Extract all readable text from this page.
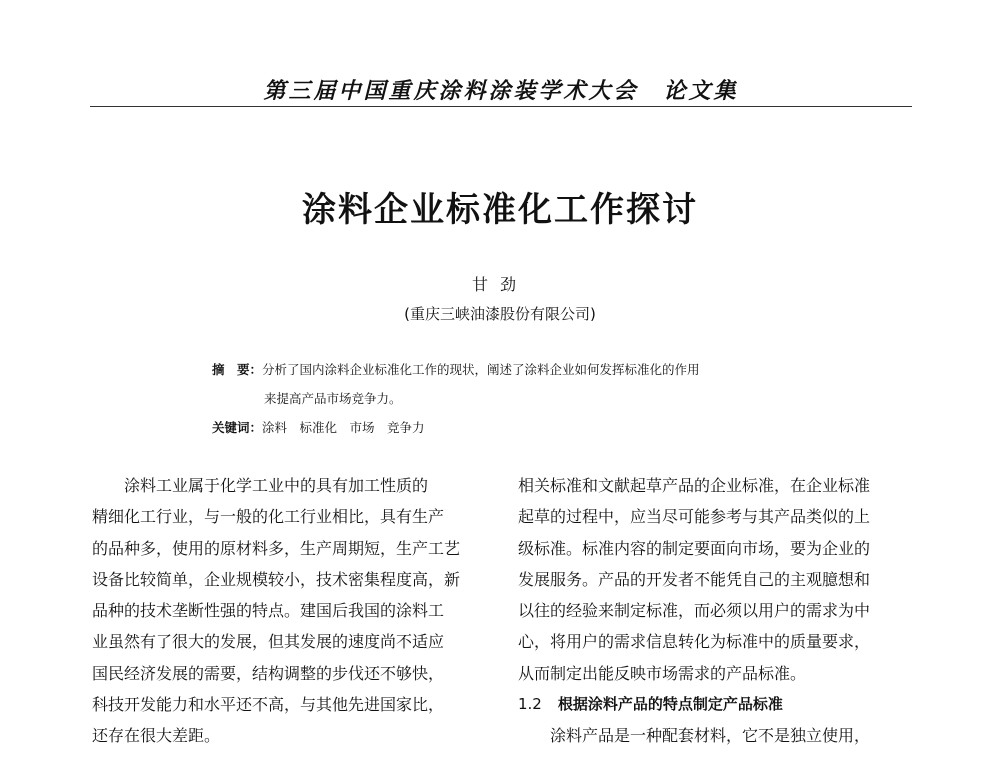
第三届中国重庆涂料涂装学术大会　论文集
涂料企业标准化工作探讨
甘劲
(重庆三峡油漆股份有限公司)
摘　要：分析了国内涂料企业标准化工作的现状，阐述了涂料企业如何发挥标准化的作用
来提高产品市场竞争力。
关键词：涂料　标准化　市场　竞争力
涂料工业属于化学工业中的具有加工性质的
精细化工行业，与一般的化工行业相比，具有生产
的品种多，使用的原材料多，生产周期短，生产工艺
设备比较简单，企业规模较小，技术密集程度高，新
品种的技术垄断性强的特点。建国后我国的涂料工
业虽然有了很大的发展，但其发展的速度尚不适应
国民经济发展的需要，结构调整的步伐还不够快，
科技开发能力和水平还不高，与其他先进国家比，
还存在很大差距。
相关标准和文献起草产品的企业标准，在企业标准
起草的过程中，应当尽可能参考与其产品类似的上
级标准。标准内容的制定要面向市场，要为企业的
发展服务。产品的开发者不能凭自己的主观臆想和
以往的经验来制定标准，而必须以用户的需求为中
心，将用户的需求信息转化为标准中的质量要求，
从而制定出能反映市场需求的产品标准。
1.2 根据涂料产品的特点制定产品标准
涂料产品是一种配套材料，它不是独立使用，
